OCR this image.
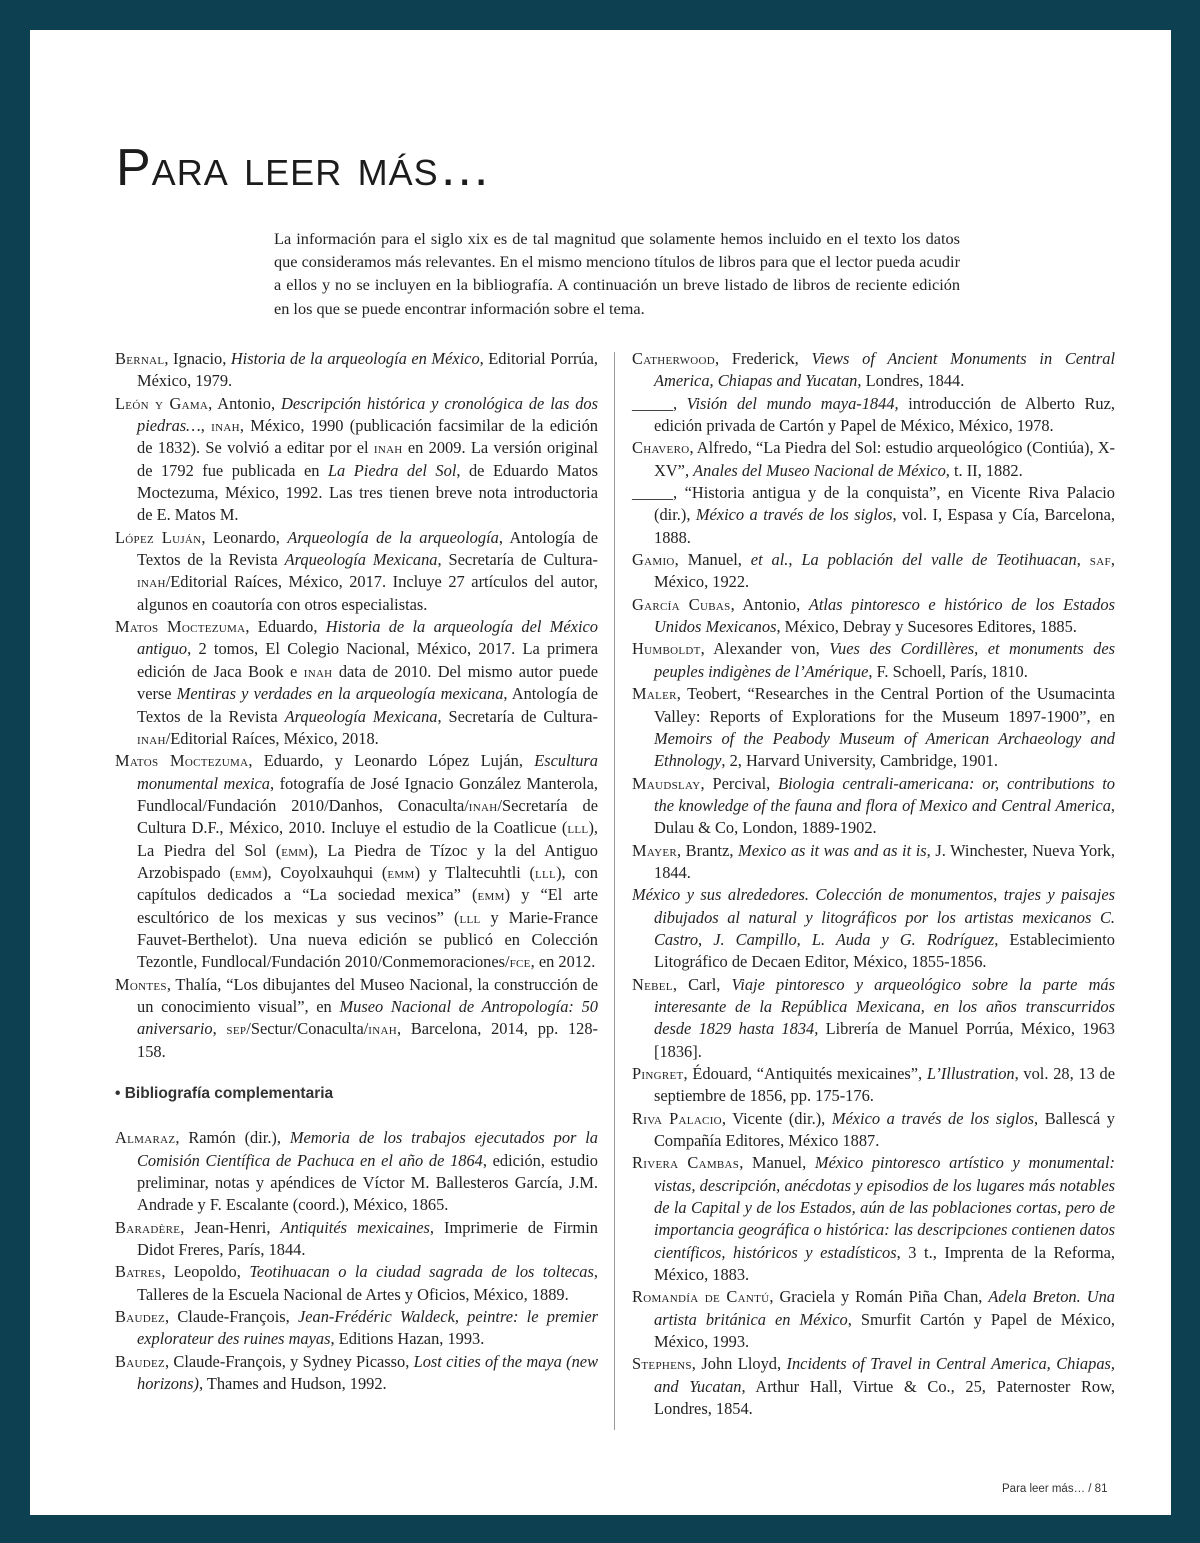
Para leer más…

La información para el siglo xix es de tal magnitud que solamente hemos incluido en el texto los datos que consideramos más relevantes. En el mismo menciono títulos de libros para que el lector pueda acudir a ellos y no se incluyen en la bibliografía. A continuación un breve listado de libros de reciente edición en los que se puede encontrar información sobre el tema.

Bernal, Ignacio, Historia de la arqueología en México, Editorial Porrúa, México, 1979.

León y Gama, Antonio, Descripción histórica y cronológica de las dos piedras…, inah, México, 1990 (publicación facsimilar de la edición de 1832). Se volvió a editar por el inah en 2009. La versión original de 1792 fue publicada en La Piedra del Sol, de Eduardo Matos Moctezuma, México, 1992. Las tres tienen breve nota introductoria de E. Matos M.

López Luján, Leonardo, Arqueología de la arqueología, Antología de Textos de la Revista Arqueología Mexicana, Secretaría de Cultura-inah/Editorial Raíces, México, 2017. Incluye 27 artículos del autor, algunos en coautoría con otros especialistas.

Matos Moctezuma, Eduardo, Historia de la arqueología del México antiguo, 2 tomos, El Colegio Nacional, México, 2017. La primera edición de Jaca Book e inah data de 2010. Del mismo autor puede verse Mentiras y verdades en la arqueología mexicana, Antología de Textos de la Revista Arqueología Mexicana, Secretaría de Cultura-inah/Editorial Raíces, México, 2018.

Matos Moctezuma, Eduardo, y Leonardo López Luján, Escultura monumental mexica, fotografía de José Ignacio González Manterola, Fundlocal/Fundación 2010/Danhos, Conaculta/inah/Secretaría de Cultura D.F., México, 2010. Incluye el estudio de la Coatlicue (lll), La Piedra del Sol (emm), La Piedra de Tízoc y la del Antiguo Arzobispado (emm), Coyolxauhqui (emm) y Tlaltecuhtli (lll), con capítulos dedicados a “La sociedad mexica” (emm) y “El arte escultórico de los mexicas y sus vecinos” (lll y Marie-France Fauvet-Berthelot). Una nueva edición se publicó en Colección Tezontle, Fundlocal/Fundación 2010/Conmemoraciones/fce, en 2012.

Montes, Thalía, “Los dibujantes del Museo Nacional, la construcción de un conocimiento visual”, en Museo Nacional de Antropología: 50 aniversario, sep/Sectur/Conaculta/inah, Barcelona, 2014, pp. 128-158.

• Bibliografía complementaria

Almaraz, Ramón (dir.), Memoria de los trabajos ejecutados por la Comisión Científica de Pachuca en el año de 1864, edición, estudio preliminar, notas y apéndices de Víctor M. Ballesteros García, J.M. Andrade y F. Escalante (coord.), México, 1865.

Baradère, Jean-Henri, Antiquités mexicaines, Imprimerie de Firmin Didot Freres, París, 1844.

Batres, Leopoldo, Teotihuacan o la ciudad sagrada de los toltecas, Talleres de la Escuela Nacional de Artes y Oficios, México, 1889.

Baudez, Claude-François, Jean-Frédéric Waldeck, peintre: le premier explorateur des ruines mayas, Editions Hazan, 1993.

Baudez, Claude-François, y Sydney Picasso, Lost cities of the maya (new horizons), Thames and Hudson, 1992.

Catherwood, Frederick, Views of Ancient Monuments in Central America, Chiapas and Yucatan, Londres, 1844.

_____, Visión del mundo maya-1844, introducción de Alberto Ruz, edición privada de Cartón y Papel de México, México, 1978.

Chavero, Alfredo, “La Piedra del Sol: estudio arqueológico (Contiúa), X-XV”, Anales del Museo Nacional de México, t. II, 1882.

_____, “Historia antigua y de la conquista”, en Vicente Riva Palacio (dir.), México a través de los siglos, vol. I, Espasa y Cía, Barcelona, 1888.

Gamio, Manuel, et al., La población del valle de Teotihuacan, saf, México, 1922.

García Cubas, Antonio, Atlas pintoresco e histórico de los Estados Unidos Mexicanos, México, Debray y Sucesores Editores, 1885.

Humboldt, Alexander von, Vues des Cordillères, et monuments des peuples indigènes de l’Amérique, F. Schoell, París, 1810.

Maler, Teobert, “Researches in the Central Portion of the Usumacinta Valley: Reports of Explorations for the Museum 1897-1900”, en Memoirs of the Peabody Museum of American Archaeology and Ethnology, 2, Harvard University, Cambridge, 1901.

Maudslay, Percival, Biologia centrali-americana: or, contributions to the knowledge of the fauna and flora of Mexico and Central America, Dulau & Co, London, 1889-1902.

Mayer, Brantz, Mexico as it was and as it is, J. Winchester, Nueva York, 1844.

México y sus alrededores. Colección de monumentos, trajes y paisajes dibujados al natural y litográficos por los artistas mexicanos C. Castro, J. Campillo, L. Auda y G. Rodríguez, Establecimiento Litográfico de Decaen Editor, México, 1855-1856.

Nebel, Carl, Viaje pintoresco y arqueológico sobre la parte más interesante de la República Mexicana, en los años transcurridos desde 1829 hasta 1834, Librería de Manuel Porrúa, México, 1963 [1836].

Pingret, Édouard, “Antiquités mexicaines”, L’Illustration, vol. 28, 13 de septiembre de 1856, pp. 175-176.

Riva Palacio, Vicente (dir.), México a través de los siglos, Ballescá y Compañía Editores, México 1887.

Rivera Cambas, Manuel, México pintoresco artístico y monumental: vistas, descripción, anécdotas y episodios de los lugares más notables de la Capital y de los Estados, aún de las poblaciones cortas, pero de importancia geográfica o histórica: las descripciones contienen datos científicos, históricos y estadísticos, 3 t., Imprenta de la Reforma, México, 1883.

Romandía de Cantú, Graciela y Román Piña Chan, Adela Breton. Una artista británica en México, Smurfit Cartón y Papel de México, México, 1993.

Stephens, John Lloyd, Incidents of Travel in Central America, Chiapas, and Yucatan, Arthur Hall, Virtue & Co., 25, Paternoster Row, Londres, 1854.

Para leer más… / 81
